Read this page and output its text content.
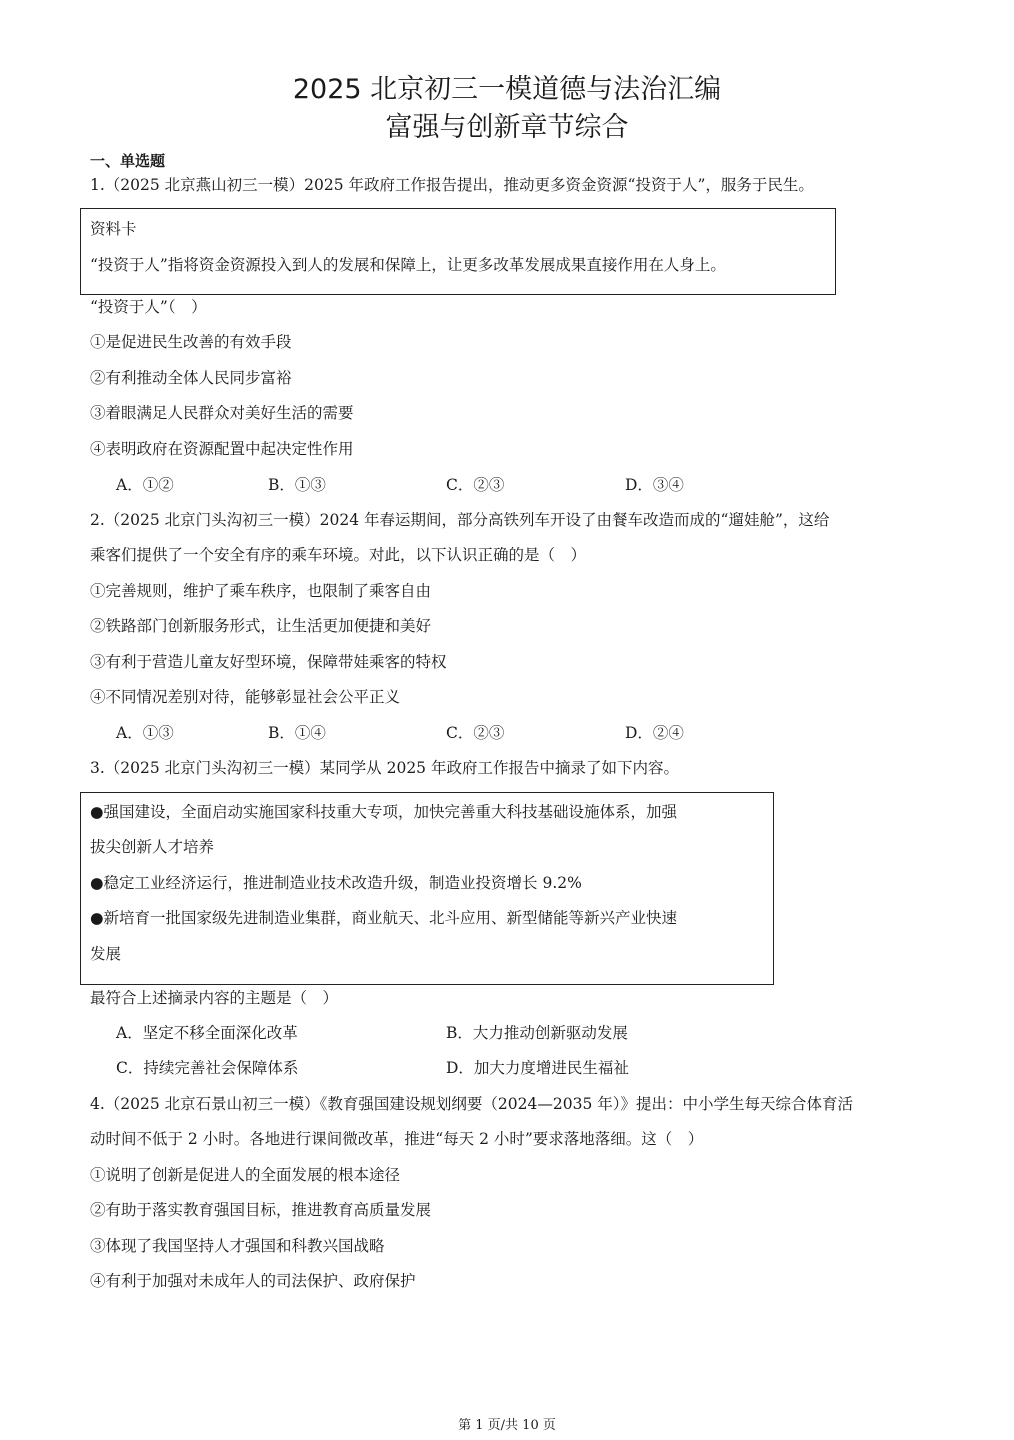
2025 北京初三一模道德与法治汇编
富强与创新章节综合
一、单选题
1.（2025 北京燕山初三一模）2025 年政府工作报告提出，推动更多资金资源“投资于人”，服务于民生。
资料卡
“投资于人”指将资金资源投入到人的发展和保障上，让更多改革发展成果直接作用在人身上。
“投资于人”（　）
①是促进民生改善的有效手段
②有利推动全体人民同步富裕
③着眼满足人民群众对美好生活的需要
④表明政府在资源配置中起决定性作用
A．①②	B．①③	C．②③	D．③④
2.（2025 北京门头沟初三一模）2024 年春运期间，部分高铁列车开设了由餐车改造而成的“遛娃舱”，这给
乘客们提供了一个安全有序的乘车环境。对此，以下认识正确的是（　）
①完善规则，维护了乘车秩序，也限制了乘客自由
②铁路部门创新服务形式，让生活更加便捷和美好
③有利于营造儿童友好型环境，保障带娃乘客的特权
④不同情况差别对待，能够彰显社会公平正义
A．①③	B．①④	C．②③	D．②④
3.（2025 北京门头沟初三一模）某同学从 2025 年政府工作报告中摘录了如下内容。
●强国建设，全面启动实施国家科技重大专项，加快完善重大科技基础设施体系，加强
拔尖创新人才培养
●稳定工业经济运行，推进制造业技术改造升级，制造业投资增长 9.2%
●新培育一批国家级先进制造业集群，商业航天、北斗应用、新型储能等新兴产业快速
发展
最符合上述摘录内容的主题是（　）
A．坚定不移全面深化改革	B．大力推动创新驱动发展
C．持续完善社会保障体系	D．加大力度增进民生福祉
4.（2025 北京石景山初三一模）《教育强国建设规划纲要（2024—2035 年）》提出：中小学生每天综合体育活
动时间不低于 2 小时。各地进行课间微改革，推进“每天 2 小时”要求落地落细。这（　）
①说明了创新是促进人的全面发展的根本途径
②有助于落实教育强国目标，推进教育高质量发展
③体现了我国坚持人才强国和科教兴国战略
④有利于加强对未成年人的司法保护、政府保护
第 1 页/共 10 页
